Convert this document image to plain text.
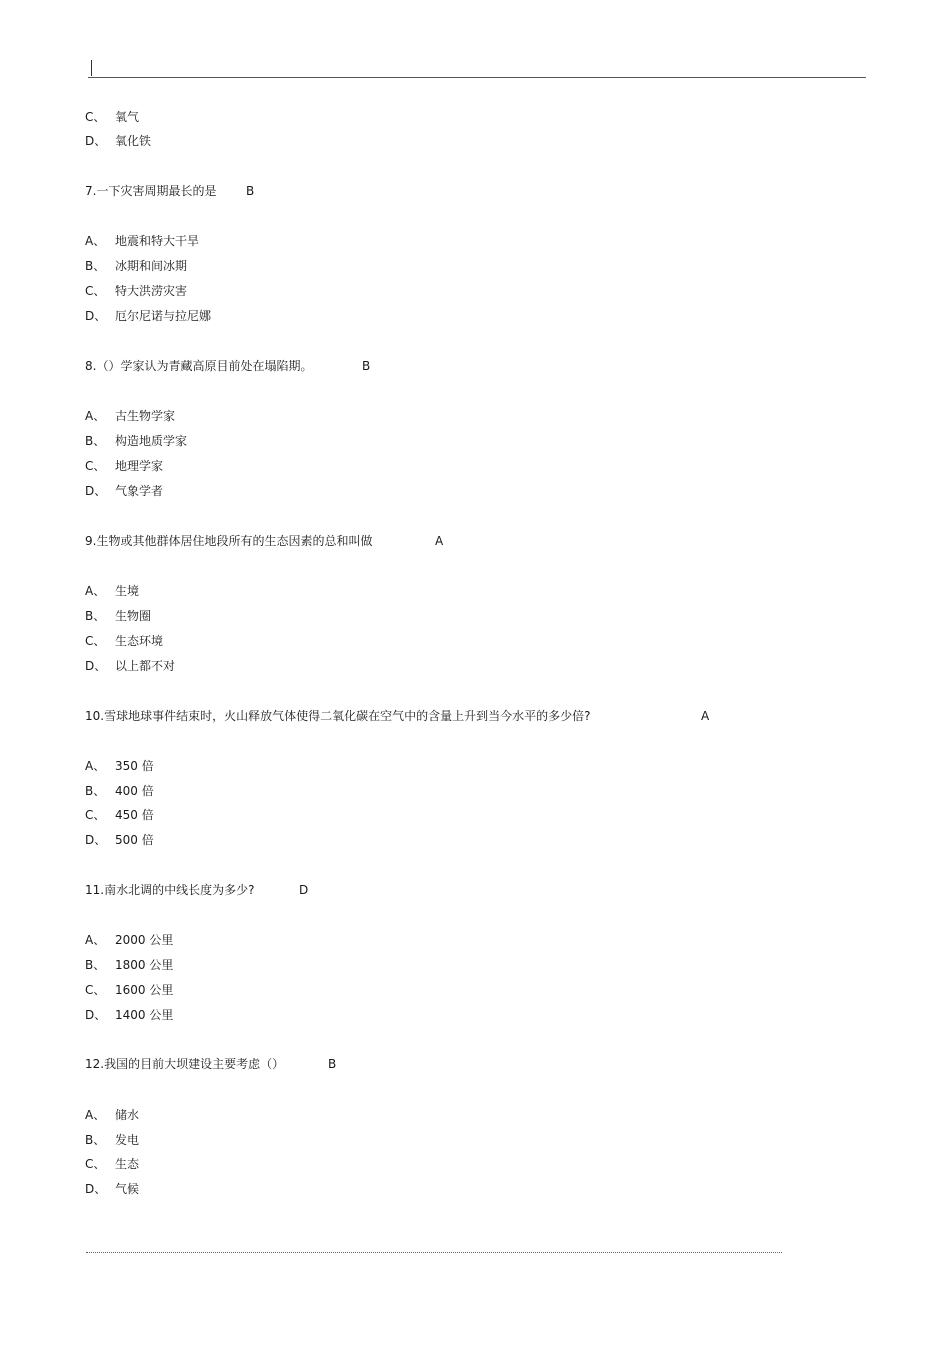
C、 氧气
D、 氧化铁
7.一下灾害周期最长的是 B
A、 地震和特大干旱
B、 冰期和间冰期
C、 特大洪涝灾害
D、 厄尔尼诺与拉尼娜
8.（）学家认为青藏高原目前处在塌陷期。	B
A、 古生物学家
B、 构造地质学家
C、 地理学家
D、 气象学者
9.生物或其他群体居住地段所有的生态因素的总和叫做	A
A、 生境
B、 生物圈
C、 生态环境
D、 以上都不对
10.雪球地球事件结束时，火山释放气体使得二氧化碳在空气中的含量上升到当今水平的多少倍?	A
A、 350 倍
B、 400 倍
C、 450 倍
D、 500 倍
11.南水北调的中线长度为多少?	D
A、 2000 公里
B、 1800 公里
C、 1600 公里
D、 1400 公里
12.我国的目前大坝建设主要考虑（）	B
A、 储水
B、 发电
C、 生态
D、 气候
